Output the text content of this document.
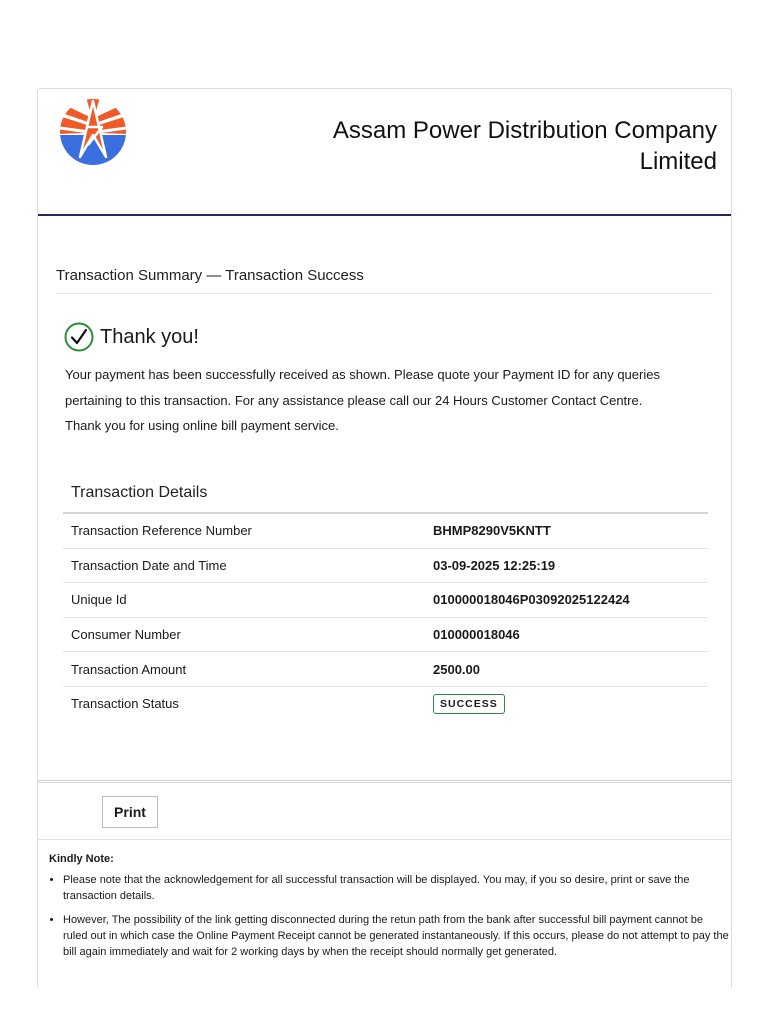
Assam Power Distribution Company Limited
Transaction Summary — Transaction Success
Thank you!
Your payment has been successfully received as shown. Please quote your Payment ID for any queries
pertaining to this transaction. For any assistance please call our 24 Hours Customer Contact Centre.
Thank you for using online bill payment service.
Transaction Details
Transaction Reference Number	BHMP8290V5KNTT
Transaction Date and Time	03-09-2025 12:25:19
Unique Id	010000018046P03092025122424
Consumer Number	010000018046
Transaction Amount	2500.00
Transaction Status	SUCCESS
Print
Kindly Note:
• Please note that the acknowledgement for all successful transaction will be displayed. You may, if you so desire, print or save the transaction details.
• However, The possibility of the link getting disconnected during the retun path from the bank after successful bill payment cannot be ruled out in which case the Online Payment Receipt cannot be generated instantaneously. If this occurs, please do not attempt to pay the bill again immediately and wait for 2 working days by when the receipt should normally get generated.
